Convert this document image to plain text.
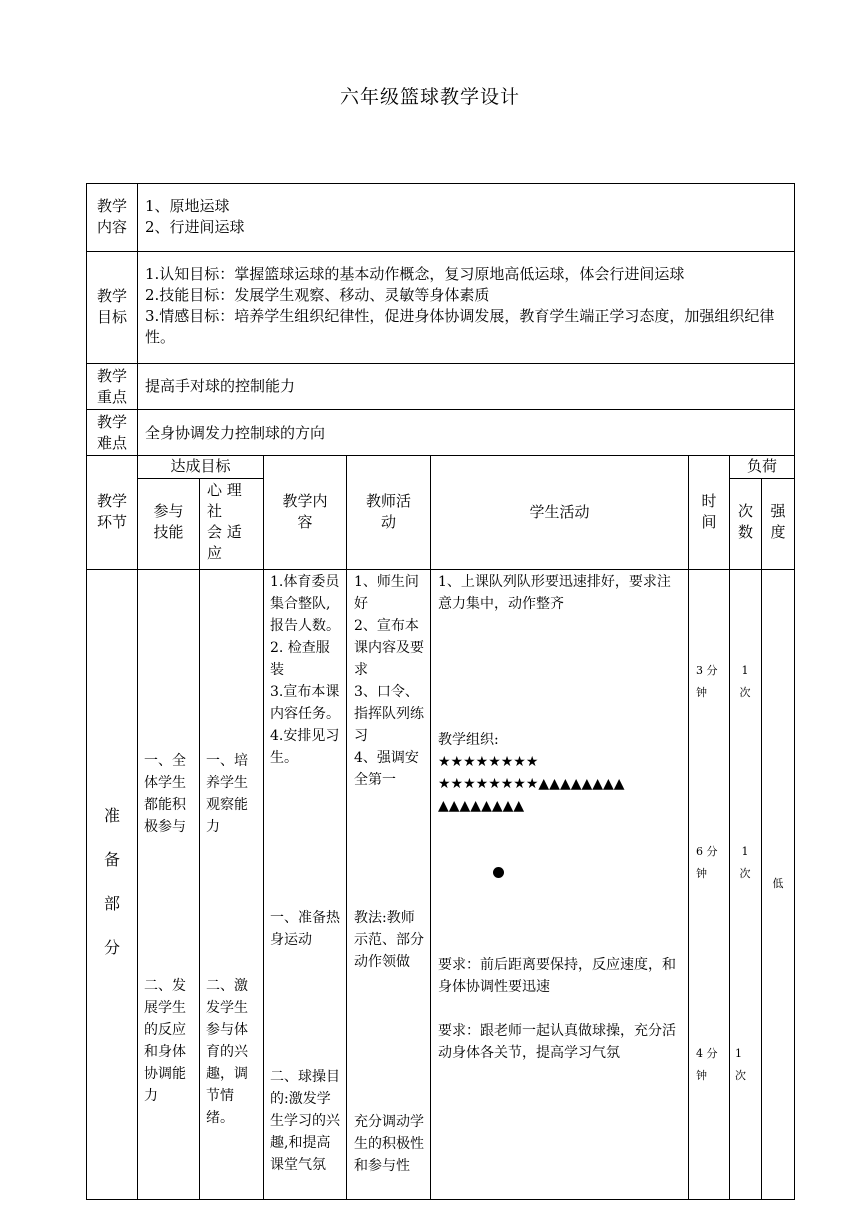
六年级篮球教学设计
教学
内容
1、原地运球
2、行进间运球
教学
目标
1.认知目标：掌握篮球运球的基本动作概念，复习原地高低运球，体会行进间运球
2.技能目标：发展学生观察、移动、灵敏等身体素质
3.情感目标：培养学生组织纪律性，促进身体协调发展，教育学生端正学习态度，加强组织纪律性。
教学
重点
提高手对球的控制能力
教学
难点
全身协调发力控制球的方向
教学
环节
达成目标
参与
技能
心 理
社
会 适
应
教学内
容
教师活
动
学生活动
时
间
负荷
次
数
强
度
准

备

部

分
一、全体学生都能积极参与
二、发展学生的反应和身体协调能力
一、培养学生观察能力
二、激发学生参与体育的兴趣，调节情绪。
1.体育委员集合整队,报告人数。
2. 检查服装
3.宣布本课内容任务。
4.安排见习生。
一、准备热身运动
二、球操目的:激发学生学习的兴趣,和提高课堂气氛
1、师生问好
2、宣布本课内容及要求
3、口令、指挥队列练习
4、强调安全第一
教法:教师示范、部分动作领做
充分调动学生的积极性和参与性
1、上课队列队形要迅速排好，要求注意力集中，动作整齐
教学组织:
★★★★★★★★
★★★★★★★★▲▲▲▲▲▲▲▲
▲▲▲▲▲▲▲▲
要求：前后距离要保持，反应速度，和身体协调性要迅速
要求：跟老师一起认真做球操，充分活动身体各关节，提高学习气氛
3 分
钟
6 分
钟
4 分
钟
1
次
1
次
1
次
低
